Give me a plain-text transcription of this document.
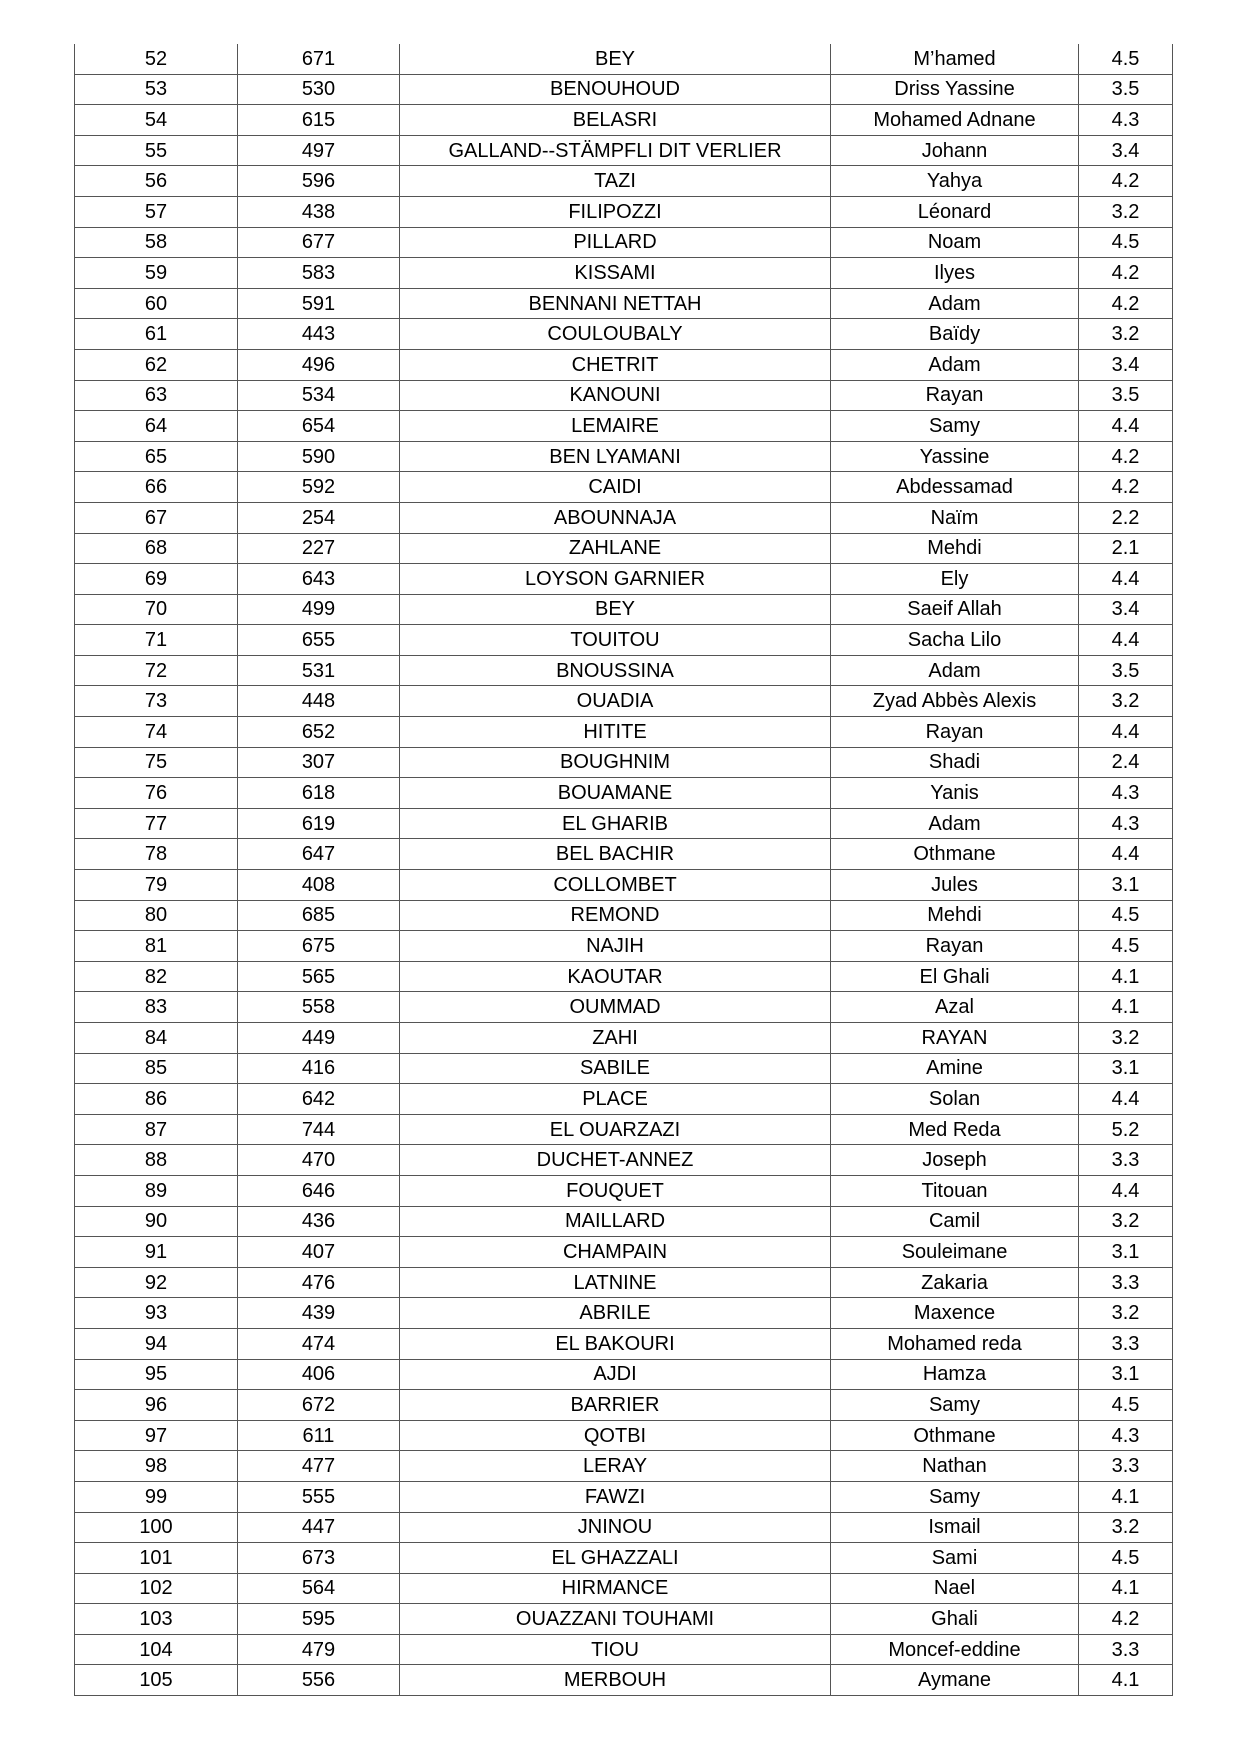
52	671	BEY	M’hamed	4.5
53	530	BENOUHOUD	Driss Yassine	3.5
54	615	BELASRI	Mohamed Adnane	4.3
55	497	GALLAND--STÄMPFLI DIT VERLIER	Johann	3.4
56	596	TAZI	Yahya	4.2
57	438	FILIPOZZI	Léonard	3.2
58	677	PILLARD	Noam	4.5
59	583	KISSAMI	Ilyes	4.2
60	591	BENNANI NETTAH	Adam	4.2
61	443	COULOUBALY	Baïdy	3.2
62	496	CHETRIT	Adam	3.4
63	534	KANOUNI	Rayan	3.5
64	654	LEMAIRE	Samy	4.4
65	590	BEN LYAMANI	Yassine	4.2
66	592	CAIDI	Abdessamad	4.2
67	254	ABOUNNAJA	Naïm	2.2
68	227	ZAHLANE	Mehdi	2.1
69	643	LOYSON GARNIER	Ely	4.4
70	499	BEY	Saeif Allah	3.4
71	655	TOUITOU	Sacha Lilo	4.4
72	531	BNOUSSINA	Adam	3.5
73	448	OUADIA	Zyad Abbès Alexis	3.2
74	652	HITITE	Rayan	4.4
75	307	BOUGHNIM	Shadi	2.4
76	618	BOUAMANE	Yanis	4.3
77	619	EL GHARIB	Adam	4.3
78	647	BEL BACHIR	Othmane	4.4
79	408	COLLOMBET	Jules	3.1
80	685	REMOND	Mehdi	4.5
81	675	NAJIH	Rayan	4.5
82	565	KAOUTAR	El Ghali	4.1
83	558	OUMMAD	Azal	4.1
84	449	ZAHI	RAYAN	3.2
85	416	SABILE	Amine	3.1
86	642	PLACE	Solan	4.4
87	744	EL OUARZAZI	Med Reda	5.2
88	470	DUCHET-ANNEZ	Joseph	3.3
89	646	FOUQUET	Titouan	4.4
90	436	MAILLARD	Camil	3.2
91	407	CHAMPAIN	Souleimane	3.1
92	476	LATNINE	Zakaria	3.3
93	439	ABRILE	Maxence	3.2
94	474	EL BAKOURI	Mohamed reda	3.3
95	406	AJDI	Hamza	3.1
96	672	BARRIER	Samy	4.5
97	611	QOTBI	Othmane	4.3
98	477	LERAY	Nathan	3.3
99	555	FAWZI	Samy	4.1
100	447	JNINOU	Ismail	3.2
101	673	EL GHAZZALI	Sami	4.5
102	564	HIRMANCE	Nael	4.1
103	595	OUAZZANI TOUHAMI	Ghali	4.2
104	479	TIOU	Moncef-eddine	3.3
105	556	MERBOUH	Aymane	4.1
